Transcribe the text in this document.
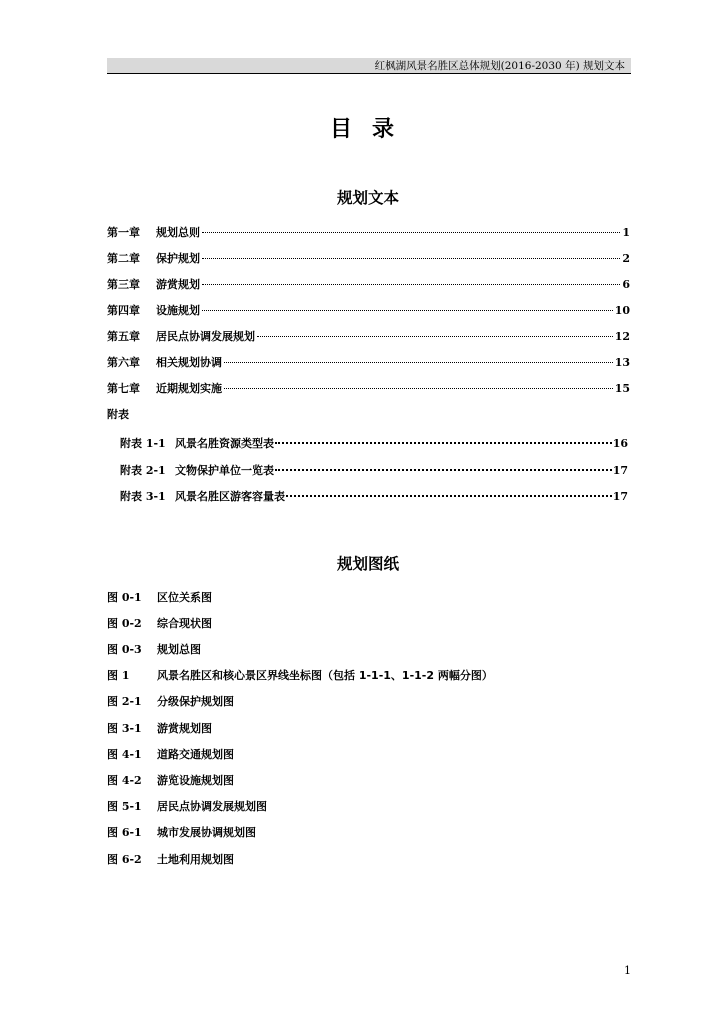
红枫湖风景名胜区总体规划(2016-2030 年) 规划文本
目录
规划文本
第一章	规划总则	1
第二章	保护规划	2
第三章	游赏规划	6
第四章	设施规划	10
第五章	居民点协调发展规划	12
第六章	相关规划协调	13
第七章	近期规划实施	15
附表
附表 1-1 风景名胜资源类型表	16
附表 2-1 文物保护单位一览表	17
附表 3-1 风景名胜区游客容量表	17
规划图纸
图 0-1	区位关系图
图 0-2	综合现状图
图 0-3	规划总图
图 1	风景名胜区和核心景区界线坐标图（包括 1-1-1、1-1-2 两幅分图）
图 2-1	分级保护规划图
图 3-1	游赏规划图
图 4-1	道路交通规划图
图 4-2	游览设施规划图
图 5-1	居民点协调发展规划图
图 6-1	城市发展协调规划图
图 6-2	土地利用规划图
1
